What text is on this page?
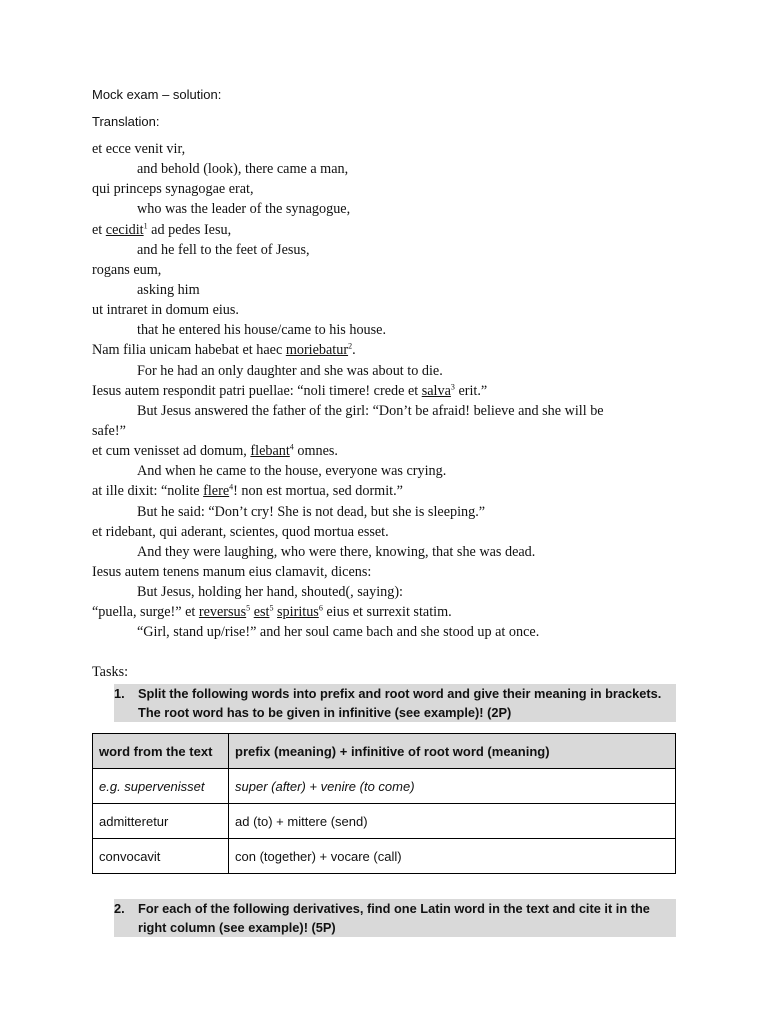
Mock exam – solution:
Translation:
et ecce venit vir,
and behold (look), there came a man,
qui princeps synagogae erat,
who was the leader of the synagogue,
et cecidit$^1$ ad pedes Iesu,
and he fell to the feet of Jesus,
rogans eum,
asking him
ut intraret in domum eius.
that he entered his house/came to his house.
Nam filia unicam habebat et haec moriebatur$^2$.
For he had an only daughter and she was about to die.
Iesus autem respondit patri puellae: “noli timere! crede et salva$^3$ erit.”
But Jesus answered the father of the girl: “Don’t be afraid! believe and she will be
safe!”
et cum venisset ad domum, flebant$^4$ omnes.
And when he came to the house, everyone was crying.
at ille dixit: “nolite flere$^4$! non est mortua, sed dormit.”
But he said: “Don’t cry! She is not dead, but she is sleeping.”
et ridebant, qui aderant, scientes, quod mortua esset.
And they were laughing, who were there, knowing, that she was dead.
Iesus autem tenens manum eius clamavit, dicens:
But Jesus, holding her hand, shouted(, saying):
“puella, surge!” et reversus$^5$ est$^5$ spiritus$^6$ eius et surrexit statim.
“Girl, stand up/rise!” and her soul came bach and she stood up at once.
Tasks:
1.	Split the following words into prefix and root word and give their meaning in brackets. The root word has to be given in infinitive (see example)! (2P)
word from the text	prefix (meaning) + infinitive of root word (meaning)
e.g. supervenisset	super (after) + venire (to come)
admitteretur	ad (to) + mittere (send)
convocavit	con (together) + vocare (call)
2.	For each of the following derivatives, find one Latin word in the text and cite it in the right column (see example)! (5P)
